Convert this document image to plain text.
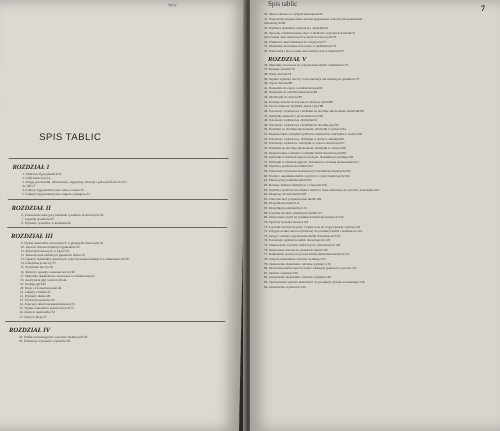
Spisy
SPIS TABLIC
ROZDZIAŁ I
1. Oblicznie figur płaskich/11
2. Obliczanie bryl/14
3. Potęgi, pierwiastki, odwrotności, logarytmy, obwody i pola kół dla liczb od 1
do 100/17
4. Funkcje trygonometryczne sinus-cosinus/19
5. Funkcje trygonometryczne tangens-cotangens/21
ROZDZIAŁ II
6. Zestawienie miar przy kreśleniu rysunków technicznych/24
7. Legenda rysunków/25
8. Wymiary rysunków w kreśleniu/26
ROZDZIAŁ III
9. Wykaz materiałów stosowanych w przemyśle drzewnym/32
10. Gęstość drewna niektórych gatunków/32
11. Masa kłód surowych w kg/m³/33
12. Masa drewna niektórych gatunków drzew/35
13. Gęstość materiałów drzewnych i płyt drewnopochodnych w odniesieniu do/36
14. Klasyfikacja tarcicy/37
15. Sortyment tarcicy/38
16. Metody i sposoby suszenia tarcicy/40
17. Materiały okładzinowe stosowane w meblarstwie/42
18. Asortyment płyt wiórowych/44
19. Rodzaje płyt/45
20. Kleje i ich zastosowanie/46
21. Lakiery i emalie/47
22. Wymiary oklein/49
23. Tworzywa sztuczne/50
24. Zalecany skład mieszanki klejowej/51
25. Wykaz materiałów pomocniczych/53
26. Zużycie materiałów/54
27. Zużycie kleju/55
ROZDZIAŁ IV
28. Profile technologiczne wyrobów meblowych/58
29. Tolerancje wymiarów wyrobów/59
Spis tablic	7
30. Skurcz drewna w różnych kierunkach/67
31. Naprężenia dopuszczalne drewna (naprężenie robocze) dla konstrukcji
drewnianych/68
32. Wymiary łączników tolerancje i odchyłki/69
33. Sposoby rozmieszczenia okuć w meblach i wyrobach stolarskich
mocowanie okuć meblowych w płytach wiórowych/70
34. Wielkości okuć meblowych i uchwytów/71
35. Okładziny drewniane stosowane w meblarstwie/72
36. Połączenia i mocowanie okuć meblowych w meblach/73
ROZDZIAŁ V
36. Materiały stosowane do wykończenia mebli i elementów/75
37. Rodzaje drewna/76
38. Wady drewna/78
39. Ogólne wymiary tarcicy i ich tolerancje dla niektórych gatunków/79
40. Cięcie drewna/80
41. Narzędzia do cięcia i obróbki drewna/82
42. Narzędzia do obróbki płaszczyzn/84
43. Obrabiarki do drewna/85
44. Rodzaje drewna stosowane do budowy mebli/86
45. Tarcica klejona. Wymiary desek i płyt/88
46. Tolerancje wymiarowe i naddatki na obróbkę skrawaniem. Odchyłki/89
47. Odchyłki płaskości i prostoliniowości/90
48. Tolerancje wymiarowe. Odchyłki/91
49. Tolerancje wymiarowe i naddatki na obróbkę płyt/92
50. Naddatki na obróbkę skrawaniem. Odchyłki w stolarce/94
51. Dopuszczalne odchyłki wymiarów elementów. Odchyłki w stolarce/95
52. Tolerancje wymiarowe. Odchyłki w stolarce okiennej/96
53. Tolerancje wymiarów. Odchyłki w stolarce drzwiowej/97
54. Naddatki na obróbkę skrawaniem. Odchyłki w stolarce/98
55. Dopuszczalne wymiary i odchyłki mebli skrzyniowych/99
56. Odchyłki w meblach tapicerowanych. Naddatki na obróbkę/100
57. Odchyłki w meblach giętych. Naddatki na obróbkę skrawaniem/101
58. Wymiary podstawowe mebli/102
59. Przestrzeń wysokości montażowych modeli drewnianych/103
60. Normy i określenia mebli, wyrobów i części meblowych/104
61. Płaszczyzny podziału mebli/105
62. Rodzaje znaków elementów i oznaczeń/106
63. Wymiary podstawowe znaków mebli w fazie zaliczenia do wyrobu i wdrożenia/107
64. Diagnozy modeli mebli/108
65. Zalecane fazy projektowania mebli/109
66. Klasyfikacja mebli/111
67. Klasyfikacja elementów/113
68. Łączenie modeli i elementów mebli/115
69. Oznaczenie części na rysunkach mebli drewnianych/116
70. Sposoby łączenia drewna/118
71. Łączenie drewna na pióro i wpust oraz na czopy (zasady ogólne)/119
72. Przygotowanie surowca (drewna) do produkcji mebli i elementów/124
73. Grupy i rodzaje wykończenia mebli drewnianych/126
74. Tolerancje wymiarów mebli drewnianych/128
75. Znakowanie wyrobów meblowych i drewnianych/129
76. Oznaczanie drewna na rysunkach mebli/130
77. Nakładanie powłok na powierzchnie mebli drewnianych/131
78. Zużycie materiałów. Główne wymiary/133
79. Zestawienie materiałów. Główne wymiary/134
80. Drewniane meble tapicerowane i elementy (pełne) do wyrobu/135
81. Główne wymiary/136
82. Zestawienie materiałów. Główne wymiary/138
83. Sporządzenie wykazu materiałów do produkcji wyrobu stolarskiego/139
84. Zestawienie wymiarów/140
